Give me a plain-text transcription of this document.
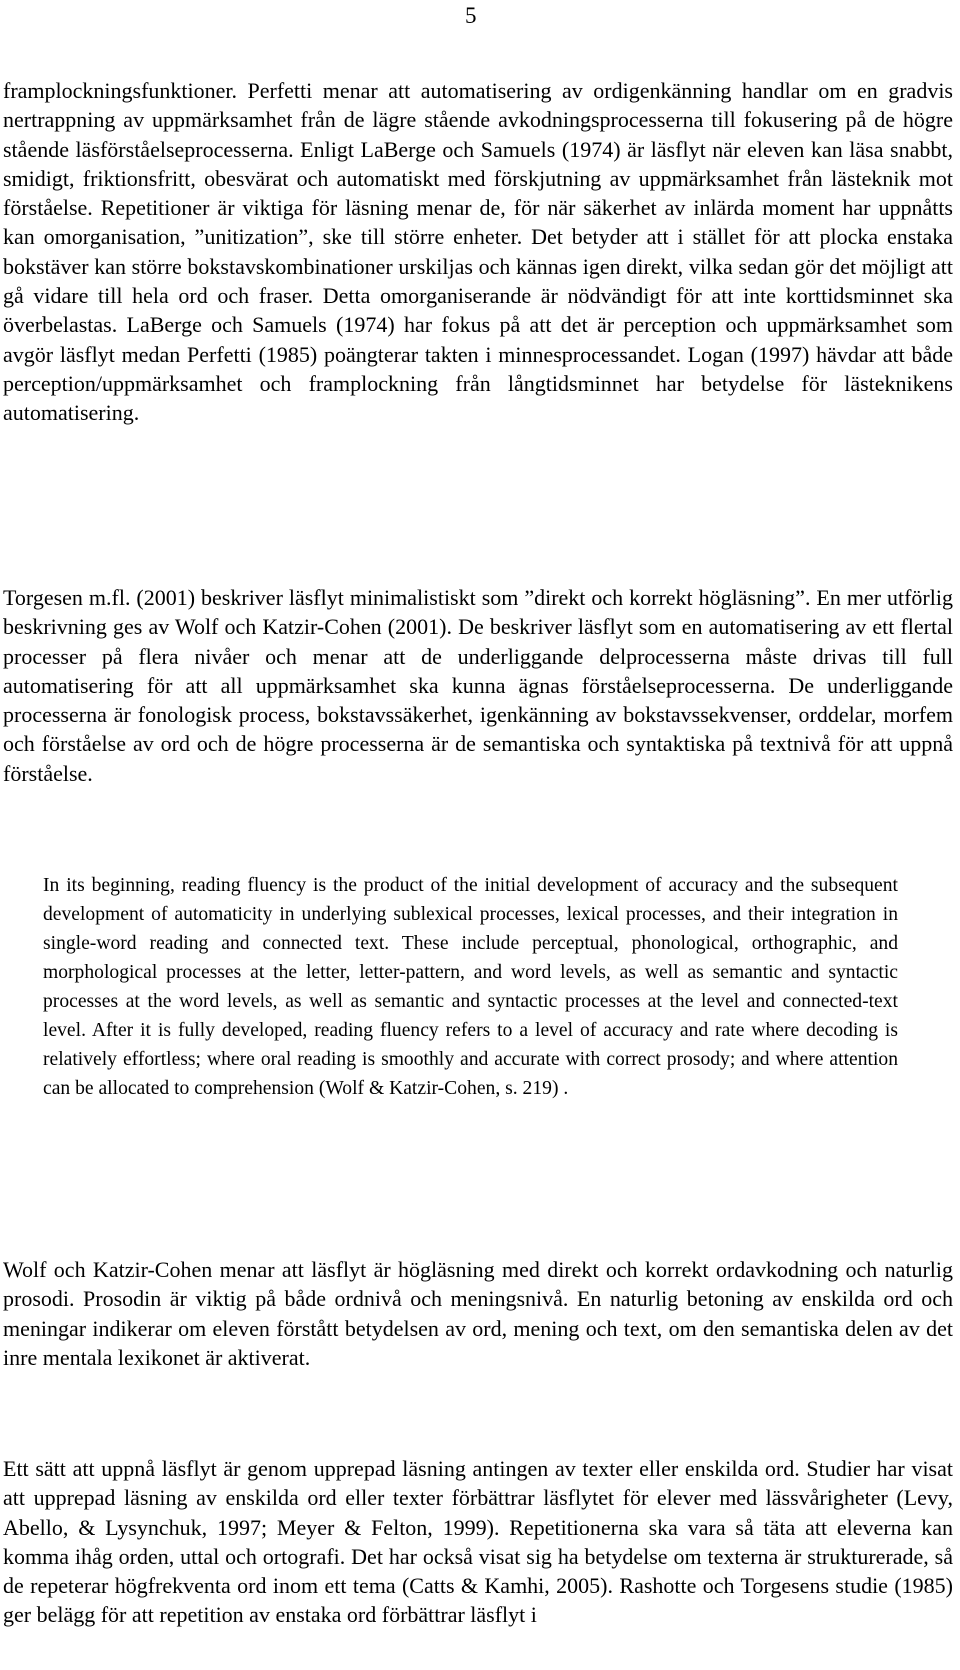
5

framplockningsfunktioner. Perfetti menar att automatisering av ordigenkänning handlar om en gradvis nertrappning av uppmärksamhet från de lägre stående avkodningsprocesserna till fokusering på de högre stående läsförståelseprocesserna. Enligt LaBerge och Samuels (1974) är läsflyt när eleven kan läsa snabbt, smidigt, friktionsfritt, obesvärat och automatiskt med förskjutning av uppmärksamhet från lästeknik mot förståelse. Repetitioner är viktiga för läsning menar de, för när säkerhet av inlärda moment har uppnåtts kan omorganisation, ”unitization”, ske till större enheter. Det betyder att i stället för att plocka enstaka bokstäver kan större bokstavskombinationer urskiljas och kännas igen direkt, vilka sedan gör det möjligt att gå vidare till hela ord och fraser. Detta omorganiserande är nödvändigt för att inte korttidsminnet ska överbelastas. LaBerge och Samuels (1974) har fokus på att det är perception och uppmärksamhet som avgör läsflyt medan Perfetti (1985) poängterar takten i minnesprocessandet. Logan (1997) hävdar att både perception/uppmärksamhet och framplockning från långtidsminnet har betydelse för lästeknikens automatisering.

Torgesen m.fl. (2001) beskriver läsflyt minimalistiskt som ”direkt och korrekt högläsning”. En mer utförlig beskrivning ges av Wolf och Katzir-Cohen (2001). De beskriver läsflyt som en automatisering av ett flertal processer på flera nivåer och menar att de underliggande delprocesserna måste drivas till full automatisering för att all uppmärksamhet ska kunna ägnas förståelseprocesserna. De underliggande processerna är fonologisk process, bokstavssäkerhet, igenkänning av bokstavssekvenser, orddelar, morfem och förståelse av ord och de högre processerna är de semantiska och syntaktiska på textnivå för att uppnå förståelse.

In its beginning, reading fluency is the product of the initial development of accuracy and the subsequent development of automaticity in underlying sublexical processes, lexical processes, and their integration in single-word reading and connected text. These include perceptual, phonological, orthographic, and morphological processes at the letter, letter-pattern, and word levels, as well as semantic and syntactic processes at the word levels, as well as semantic and syntactic processes at the level and connected-text level. After it is fully developed, reading fluency refers to a level of accuracy and rate where decoding is relatively effortless; where oral reading is smoothly and accurate with correct prosody; and where attention can be allocated to comprehension (Wolf & Katzir-Cohen, s. 219) .

Wolf och Katzir-Cohen menar att läsflyt är högläsning med direkt och korrekt ordavkodning och naturlig prosodi. Prosodin är viktig på både ordnivå och meningsnivå. En naturlig betoning av enskilda ord och meningar indikerar om eleven förstått betydelsen av ord, mening och text, om den semantiska delen av det inre mentala lexikonet är aktiverat.

Ett sätt att uppnå läsflyt är genom upprepad läsning antingen av texter eller enskilda ord. Studier har visat att upprepad läsning av enskilda ord eller texter förbättrar läsflytet för elever med lässvårigheter (Levy, Abello, & Lysynchuk, 1997; Meyer & Felton, 1999). Repetitionerna ska vara så täta att eleverna kan komma ihåg orden, uttal och ortografi. Det har också visat sig ha betydelse om texterna är strukturerade, så de repeterar högfrekventa ord inom ett tema (Catts & Kamhi, 2005). Rashotte och Torgesens studie (1985) ger belägg för att repetition av enstaka ord förbättrar läsflyt i
